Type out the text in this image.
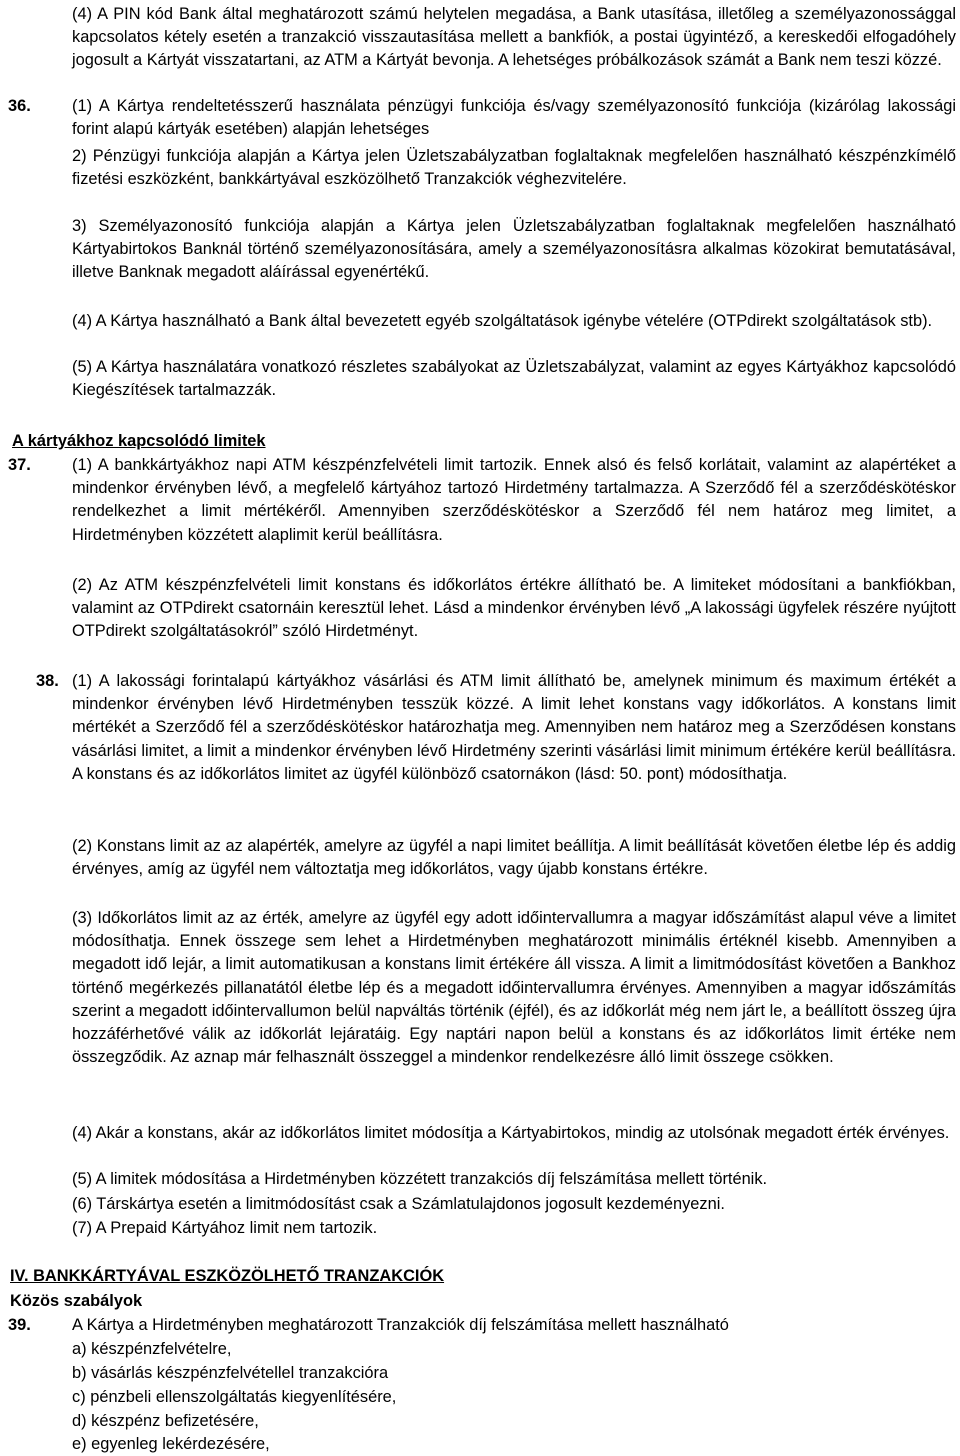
(4) A PIN kód Bank által meghatározott számú helytelen megadása, a Bank utasítása, illetőleg a személyazonossággal kapcsolatos kétely esetén a tranzakció visszautasítása mellett a bankfiók, a postai ügyintéző, a kereskedői elfogadóhely jogosult a Kártyát visszatartani, az ATM a Kártyát bevonja. A lehetséges próbálkozások számát a Bank nem teszi közzé.

36.	(1) A Kártya rendeltetésszerű használata pénzügyi funkciója és/vagy személyazonosító funkciója (kizárólag lakossági forint alapú kártyák esetében) alapján lehetséges

2) Pénzügyi funkciója alapján a Kártya jelen Üzletszabályzatban foglaltaknak megfelelően használható készpénzkímélő fizetési eszközként, bankkártyával eszközölhető Tranzakciók véghezvitelére.

3) Személyazonosító funkciója alapján a Kártya jelen Üzletszabályzatban foglaltaknak megfelelően használható Kártyabirtokos Banknál történő személyazonosítására, amely a személyazonosításra alkalmas közokirat bemutatásával, illetve Banknak megadott aláírással egyenértékű.

(4) A Kártya használható a Bank által bevezetett egyéb szolgáltatások igénybe vételére (OTPdirekt szolgáltatások stb).

(5) A Kártya használatára vonatkozó részletes szabályokat az Üzletszabályzat, valamint az egyes Kártyákhoz kapcsolódó Kiegészítések tartalmazzák.

A kártyákhoz kapcsolódó limitek

37.	(1) A bankkártyákhoz napi ATM készpénzfelvételi limit tartozik. Ennek alsó és felső korlátait, valamint az alapértéket a mindenkor érvényben lévő, a megfelelő kártyához tartozó Hirdetmény tartalmazza. A Szerződő fél a szerződéskötéskor rendelkezhet a limit mértékéről. Amennyiben szerződéskötéskor a Szerződő fél nem határoz meg limitet, a Hirdetményben közzétett alaplimit kerül beállításra.

(2) Az ATM készpénzfelvételi limit konstans és időkorlátos értékre állítható be. A limiteket módosítani a bankfiókban, valamint az OTPdirekt csatornáin keresztül lehet. Lásd a mindenkor érvényben lévő „A lakossági ügyfelek részére nyújtott OTPdirekt szolgáltatásokról” szóló Hirdetményt.

38. (1) A lakossági forintalapú kártyákhoz vásárlási és ATM limit állítható be, amelynek minimum és maximum értékét a mindenkor érvényben lévő Hirdetményben tesszük közzé. A limit lehet konstans vagy időkorlátos. A konstans limit mértékét a Szerződő fél a szerződéskötéskor határozhatja meg. Amennyiben nem határoz meg a Szerződésen konstans vásárlási limitet, a limit a mindenkor érvényben lévő Hirdetmény szerinti vásárlási limit minimum értékére kerül beállításra. A konstans és az időkorlátos limitet az ügyfél különböző csatornákon (lásd: 50. pont) módosíthatja.

(2) Konstans limit az az alapérték, amelyre az ügyfél a napi limitet beállítja. A limit beállítását követően életbe lép és addig érvényes, amíg az ügyfél nem változtatja meg időkorlátos, vagy újabb konstans értékre.

(3) Időkorlátos limit az az érték, amelyre az ügyfél egy adott időintervallumra a magyar időszámítást alapul véve a limitet módosíthatja. Ennek összege sem lehet a Hirdetményben meghatározott minimális értéknél kisebb. Amennyiben a megadott idő lejár, a limit automatikusan a konstans limit értékére áll vissza. A limit a limitmódosítást követően a Bankhoz történő megérkezés pillanatától életbe lép és a megadott időintervallumra érvényes. Amennyiben a magyar időszámítás szerint a megadott időintervallumon belül napváltás történik (éjfél), és az időkorlát még nem járt le, a beállított összeg újra hozzáférhetővé válik az időkorlát lejáratáig. Egy naptári napon belül a konstans és az időkorlátos limit értéke nem összegződik. Az aznap már felhasznált összeggel a mindenkor rendelkezésre álló limit összege csökken.

(4) Akár a konstans, akár az időkorlátos limitet módosítja a Kártyabirtokos, mindig az utolsónak megadott érték érvényes.

(5) A limitek módosítása a Hirdetményben közzétett tranzakciós díj felszámítása mellett történik.

(6) Társkártya esetén a limitmódosítást csak a Számlatulajdonos jogosult kezdeményezni.

(7) A Prepaid Kártyához limit nem tartozik.

IV. BANKKÁRTYÁVAL ESZKÖZÖLHETŐ TRANZAKCIÓK

Közös szabályok

39.	A Kártya a Hirdetményben meghatározott Tranzakciók díj felszámítása mellett használható

a) készpénzfelvételre,

b) vásárlás készpénzfelvétellel tranzakcióra

c) pénzbeli ellenszolgáltatás kiegyenlítésére,

d) készpénz befizetésére,

e) egyenleg lekérdezésére,
